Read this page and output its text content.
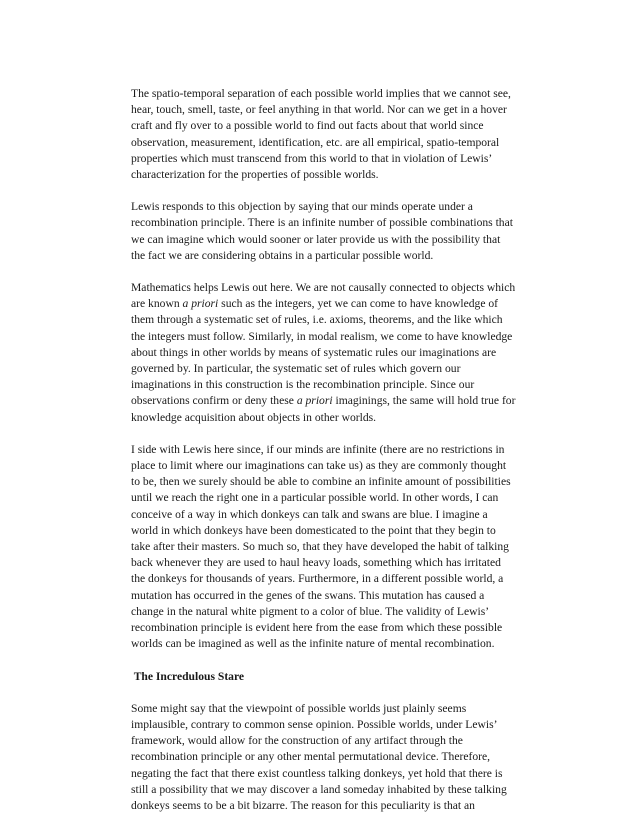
The spatio-temporal separation of each possible world implies that we cannot see, hear, touch, smell, taste, or feel anything in that world. Nor can we get in a hover craft and fly over to a possible world to find out facts about that world since observation, measurement, identification, etc. are all empirical, spatio-temporal properties which must transcend from this world to that in violation of Lewis’ characterization for the properties of possible worlds.

Lewis responds to this objection by saying that our minds operate under a recombination principle. There is an infinite number of possible combinations that we can imagine which would sooner or later provide us with the possibility that the fact we are considering obtains in a particular possible world.

Mathematics helps Lewis out here. We are not causally connected to objects which are known a priori such as the integers, yet we can come to have knowledge of them through a systematic set of rules, i.e. axioms, theorems, and the like which the integers must follow. Similarly, in modal realism, we come to have knowledge about things in other worlds by means of systematic rules our imaginations are governed by. In particular, the systematic set of rules which govern our imaginations in this construction is the recombination principle. Since our observations confirm or deny these a priori imaginings, the same will hold true for knowledge acquisition about objects in other worlds.

I side with Lewis here since, if our minds are infinite (there are no restrictions in place to limit where our imaginations can take us) as they are commonly thought to be, then we surely should be able to combine an infinite amount of possibilities until we reach the right one in a particular possible world. In other words, I can conceive of a way in which donkeys can talk and swans are blue. I imagine a world in which donkeys have been domesticated to the point that they begin to take after their masters. So much so, that they have developed the habit of talking back whenever they are used to haul heavy loads, something which has irritated the donkeys for thousands of years. Furthermore, in a different possible world, a mutation has occurred in the genes of the swans. This mutation has caused a change in the natural white pigment to a color of blue. The validity of Lewis’ recombination principle is evident here from the ease from which these possible worlds can be imagined as well as the infinite nature of mental recombination.

The Incredulous Stare

Some might say that the viewpoint of possible worlds just plainly seems implausible, contrary to common sense opinion. Possible worlds, under Lewis’ framework, would allow for the construction of any artifact through the recombination principle or any other mental permutational device. Therefore, negating the fact that there exist countless talking donkeys, yet hold that there is still a possibility that we may discover a land someday inhabited by these talking donkeys seems to be a bit bizarre. The reason for this peculiarity is that an
